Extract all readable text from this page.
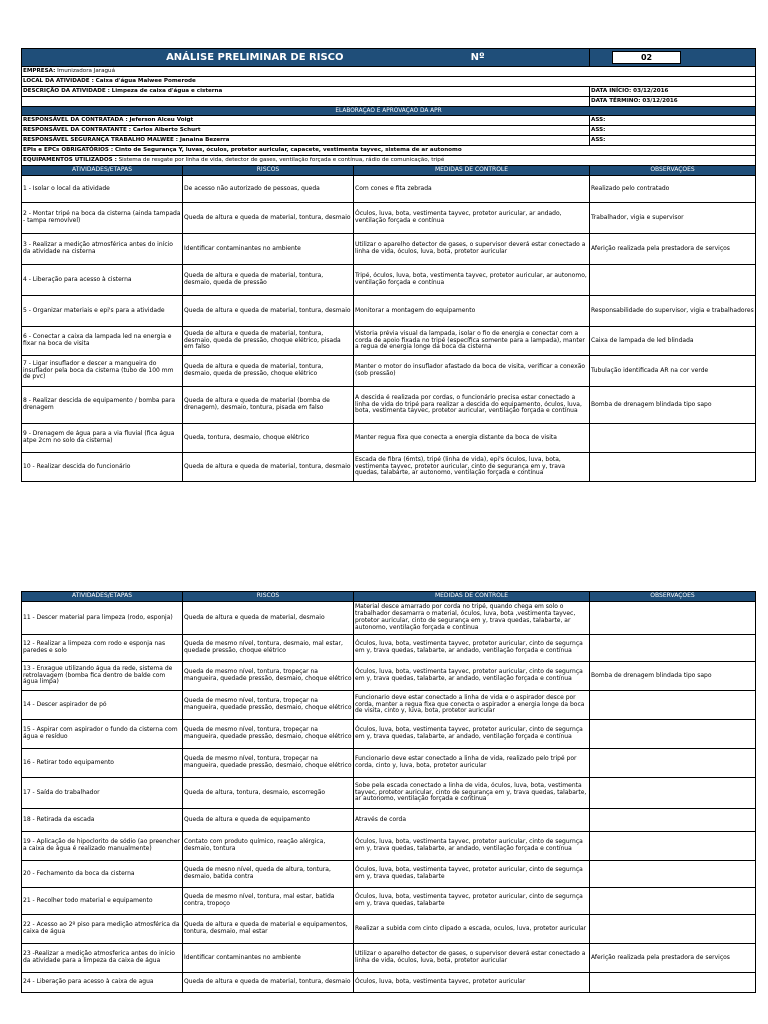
ANÁLISE PRELIMINAR DE RISCO		Nº	
		02

EMPRESA: Imunizadora Jaraguá
LOCAL DA ATIVIDADE : Caixa d'água Malwee Pomerode
DESCRIÇÃO DA ATIVIDADE : Limpeza de caixa d'água e cisterna	DATA INÍCIO: 03/12/2016
	DATA TÉRMINO: 03/12/2016
ELABORAÇÃO E APROVAÇÃO DA APR
RESPONSÁVEL DA CONTRATADA : Jeferson Alceu Voigt	ASS:
RESPONSÁVEL DA CONTRATANTE : Carlos Alberto Schurt	ASS:
RESPONSÁVEL SEGURANÇA TRABALHO MALWEE : Janaina Bezerra	ASS:
EPIs e EPCs OBRIGATÓRIOS : Cinto de Segurança Y, luvas, óculos, protetor auricular, capacete, vestimenta tayvec, sistema de ar autonomo
EQUIPAMENTOS UTILIZADOS : Sistema de resgate por linha de vida, detector de gases, ventilação forçada e contínua, rádio de comunicação, tripé
ATIVIDADES/ETAPAS	RISCOS	MEDIDAS DE CONTROLE	OBSERVAÇÕES
1 - Isolar o local da atividade	De acesso não autorizado de pessoas, queda	Com cones e fita zebrada	Realizado pelo contratado
2 - Montar tripé na boca da cisterna (ainda tampada - tampa removível)	Queda de altura e queda de material, tontura, desmaio	Óculos, luva, bota, vestimenta tayvec, protetor auricular, ar andado, ventilação forçada e contínua	Trabalhador, vigia e supervisor
3 - Realizar a medição atmosférica antes do início da atividade na cisterna	Identificar contaminantes no ambiente	Utilizar o aparelho detector de gases, o supervisor deverá estar conectado a linha de vida, óculos, luva, bota, protetor auricular	Aferição realizada pela prestadora de serviços
4 - Liberação para acesso à cisterna	Queda de altura e queda de material, tontura, desmaio, queda de pressão	Tripé, óculos, luva, bota, vestimenta tayvec, protetor auricular, ar autonomo, ventilação forçada e contínua	
5 - Organizar materiais e epi's para a atividade	Queda de altura e queda de material, tontura, desmaio	Monitorar a montagem do equipamento	Responsabilidade do supervisor, vigia e trabalhadores
6 - Conectar a caixa da lampada led na energia e fixar na boca de visita	Queda de altura e queda de material, tontura, desmaio, queda de pressão, choque elétrico, pisada em falso	Vistoria prévia visual da lampada, isolar o fio de energia e conectar com a corda de apoio fixada no tripé (específica somente para a lampada), manter a regua de energia longe da boca da cisterna	Caixa de lampada de led blindada
7 - Ligar insuflador e descer a mangueira do insuflador pela boca da cisterna (tubo de 100 mm de pvc)	Queda de altura e queda de material, tontura, desmaio, queda de pressão, choque elétrico	Manter o motor do insuflador afastado da boca de visita, verificar a conexão (sob pressão)	Tubulação identificada AR na cor verde
8 - Realizar descida de equipamento / bomba para drenagem	Queda de altura e queda de material (bomba de drenagem), desmaio, tontura, pisada em falso	A descida é realizada por cordas, o funcionário precisa estar conectado a linha de vida do tripé para realizar a descida do equipamento, óculos, luva, bota, vestimenta tayvec, protetor auricular, ventilação forçada e contínua	Bomba de drenagem blindada tipo sapo
9 - Drenagem de água para a via fluvial (fica água atpe 2cm no solo da cisterna)	Queda, tontura, desmaio, choque elétrico	Manter regua fixa que conecta a energia distante da boca de visita	
10 - Realizar descida do funcionário	Queda de altura e queda de material, tontura, desmaio	Escada de fibra (6mts), tripé (linha de vida), epi's óculos, luva, bota, vestimenta tayvec, protetor auricular, cinto de segurança em y, trava quedas, talabarte, ar autonomo, ventilação forçada e contínua	
ATIVIDADES/ETAPAS	RISCOS	MEDIDAS DE CONTROLE	OBSERVAÇÕES
11 - Descer material para limpeza (rodo, esponja)	Queda de altura e queda de material, desmaio	Material desce amarrado por corda no tripé, quando chega em solo o trabalhador desamarra o material, óculos, luva, bota ,vestimenta tayvec, protetor auricular, cinto de segurança em y, trava quedas, talabarte, ar autonomo, ventilação forçada e contínua	
12 - Realizar a limpeza com rodo e esponja nas paredes e solo	Queda de mesmo nível, tontura, desmaio, mal estar, quedade pressão, choque elétrico	Óculos, luva, bota, vestimenta tayvec, protetor auricular, cinto de segurnça em y, trava quedas, talabarte, ar andado, ventilação forçada e contínua	
13 - Enxague utilizando água da rede, sistema de retrolavagem (bomba fica dentro de balde com água limpa)	Queda de mesmo nível, tontura, tropeçar na mangueira, quedade pressão, desmaio, choque elétrico	Óculos, luva, bota, vestimenta tayvec, protetor auricular, cinto de segurnça em y, trava quedas, talabarte, ar andado, ventilação forçada e contínua	Bomba de drenagem blindada tipo sapo
14 - Descer aspirador de pó	Queda de mesmo nível, tontura, tropeçar na mangueira, quedade pressão, desmaio, choque elétrico	Funcionario deve estar conectado a linha de vida e o aspirador desce por corda, manter a regua fixa que conecta o aspirador a energia longe da boca de visita, cinto y, luva, bota, protetor auricular	
15 - Aspirar com aspirador o fundo da cisterna com água e resíduo	Queda de mesmo nível, tontura, tropeçar na mangueira, quedade pressão, desmaio, choque elétrico	Óculos, luva, bota, vestimenta tayvec, protetor auricular, cinto de segurnça em y, trava quedas, talabarte, ar andado, ventilação forçada e contínua	
16 - Retirar todo equipamento	Queda de mesmo nível, tontura, tropeçar na mangueira, quedade pressão, desmaio, choque elétrico	Funcionario deve estar conectado a linha de vida, realizado pelo tripé por corda, cinto y, luva, bota, protetor auricular	
17 - Saída do trabalhador	Queda de altura, tontura, desmaio, escorregão	Sobe pela escada conectado a linha de vida, óculos, luva, bota, vestimenta tayvec, protetor auricular, cinto de segurança em y, trava quedas, talabarte, ar autonomo, ventilação forçada e contínua	
18 - Retirada da escada	Queda de altura e queda de equipamento	Através de corda	
19 - Aplicação de hipoclorito de sódio (ao preencher a caixa de água é realizado manualmente)	Contato com produto químico, reação alérgica, desmaio, tontura	Óculos, luva, bota, vestimenta tayvec, protetor auricular, cinto de segurnça em y, trava quedas, talabarte, ar andado, ventilação forçada e contínua	
20 - Fechamento da boca da cisterna	Queda de mesno nível, queda de altura, tontura, desmaio, batida contra	Óculos, luva, bota, vestimenta tayvec, protetor auricular, cinto de segurnça em y, trava quedas, talabarte	
21 - Recolher todo material e equipamento	Queda de mesmo nível, tontura, mal estar, batida contra, tropoço	Óculos, luva, bota, vestimenta tayvec, protetor auricular, cinto de segurnça em y, trava quedas, talabarte	
22 - Acesso ao 2º piso para medição atmosférica da caixa de água	Queda de altura e queda de material e equipamentos, tontura, desmaio, mal estar	Realizar a subida com cinto clipado a escada, oculos, luva, protetor auricular	
23 -Realizar a medição atmosferica antes do início da atividade para a limpeza da caixa de água	Identificar contaminantes no ambiente	Utilizar o aparelho detector de gases, o supervisor deverá estar conectado a linha de vida, óculos, luva, bota, protetor auricular	Aferição realizada pela prestadora de serviços
24 - Liberação para acesso à caixa de agua	Queda de altura e queda de material, tontura, desmaio	Óculos, luva, bota, vestimenta tayvec, protetor auricular	
